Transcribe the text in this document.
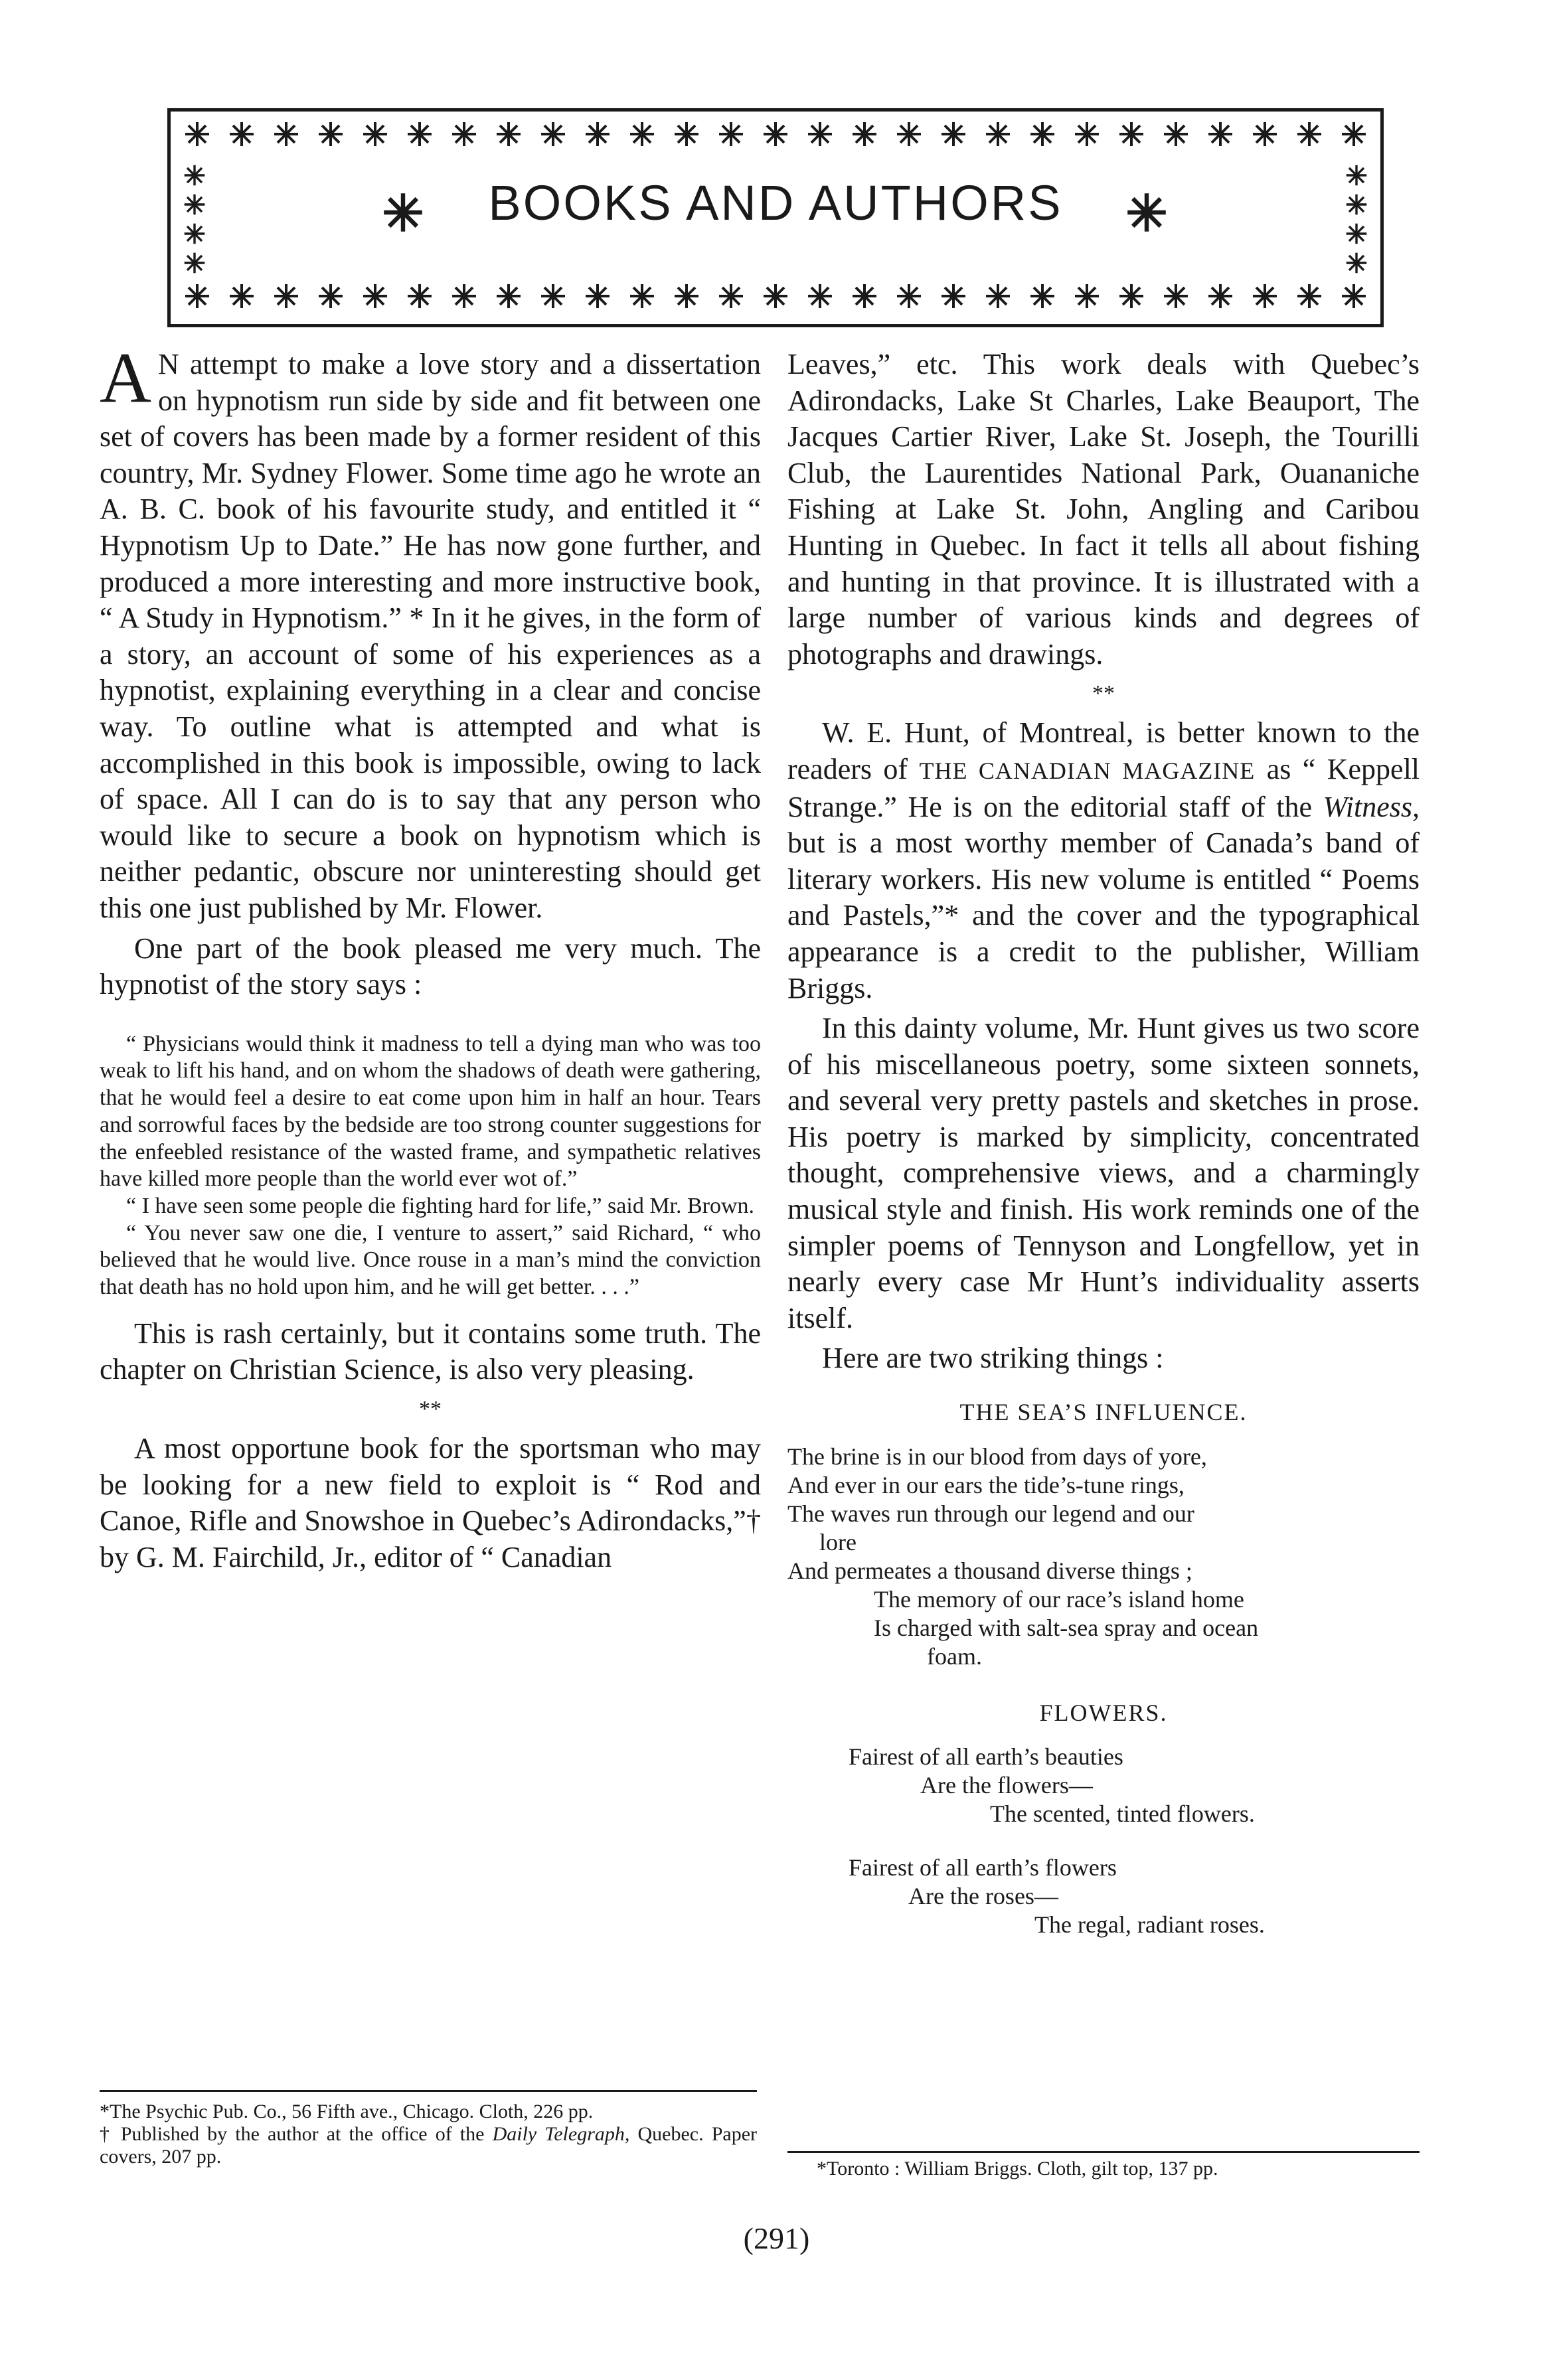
BOOKS AND AUTHORS

A N attempt to make a love story and a dissertation on hypnotism run side by side and fit between one set of covers has been made by a former resident of this country, Mr. Sydney Flower. Some time ago he wrote an A. B. C. book of his favourite study, and entitled it “ Hypnotism Up to Date.” He has now gone further, and produced a more interesting and more instructive book, “ A Study in Hypnotism.” * In it he gives, in the form of a story, an account of some of his experiences as a hypnotist, explaining everything in a clear and concise way. To outline what is attempted and what is accomplished in this book is impossible, owing to lack of space. All I can do is to say that any person who would like to secure a book on hypnotism which is neither pedantic, obscure nor uninteresting should get this one just published by Mr. Flower.

One part of the book pleased me very much. The hypnotist of the story says :

“ Physicians would think it madness to tell a dying man who was too weak to lift his hand, and on whom the shadows of death were gathering, that he would feel a desire to eat come upon him in half an hour. Tears and sorrowful faces by the bedside are too strong counter suggestions for the enfeebled resistance of the wasted frame, and sympathetic relatives have killed more people than the world ever wot of.”

“ I have seen some people die fighting hard for life,” said Mr. Brown.

“ You never saw one die, I venture to assert,” said Richard, “ who believed that he would live. Once rouse in a man’s mind the conviction that death has no hold upon him, and he will get better. . . .”

This is rash certainly, but it contains some truth. The chapter on Christian Science, is also very pleasing.

**

A most opportune book for the sportsman who may be looking for a new field to exploit is “ Rod and Canoe, Rifle and Snowshoe in Quebec’s Adirondacks,”† by G. M. Fairchild, Jr., editor of “ Canadian

*The Psychic Pub. Co., 56 Fifth ave., Chicago. Cloth, 226 pp.

† Published by the author at the office of the Daily Telegraph, Quebec. Paper covers, 207 pp.

Leaves,” etc. This work deals with Quebec’s Adirondacks, Lake St Charles, Lake Beauport, The Jacques Cartier River, Lake St. Joseph, the Tourilli Club, the Laurentides National Park, Ouananiche Fishing at Lake St. John, Angling and Caribou Hunting in Quebec. In fact it tells all about fishing and hunting in that province. It is illustrated with a large number of various kinds and degrees of photographs and drawings.

**

W. E. Hunt, of Montreal, is better known to the readers of THE CANADIAN MAGAZINE as “ Keppell Strange.” He is on the editorial staff of the Witness, but is a most worthy member of Canada’s band of literary workers. His new volume is entitled “ Poems and Pastels,”* and the cover and the typographical appearance is a credit to the publisher, William Briggs.

In this dainty volume, Mr. Hunt gives us two score of his miscellaneous poetry, some sixteen sonnets, and several very pretty pastels and sketches in prose. His poetry is marked by simplicity, concentrated thought, comprehensive views, and a charmingly musical style and finish. His work reminds one of the simpler poems of Tennyson and Longfellow, yet in nearly every case Mr Hunt’s individuality asserts itself.

Here are two striking things :

THE SEA’S INFLUENCE.
The brine is in our blood from days of yore,
And ever in our ears the tide’s-tune rings,
The waves run through our legend and our
lore
And permeates a thousand diverse things ;
The memory of our race’s island home
Is charged with salt-sea spray and ocean
foam.
FLOWERS.
Fairest of all earth’s beauties
Are the flowers—
The scented, tinted flowers.
Fairest of all earth’s flowers
Are the roses—
The regal, radiant roses.
*Toronto : William Briggs. Cloth, gilt top, 137 pp.
(291)
